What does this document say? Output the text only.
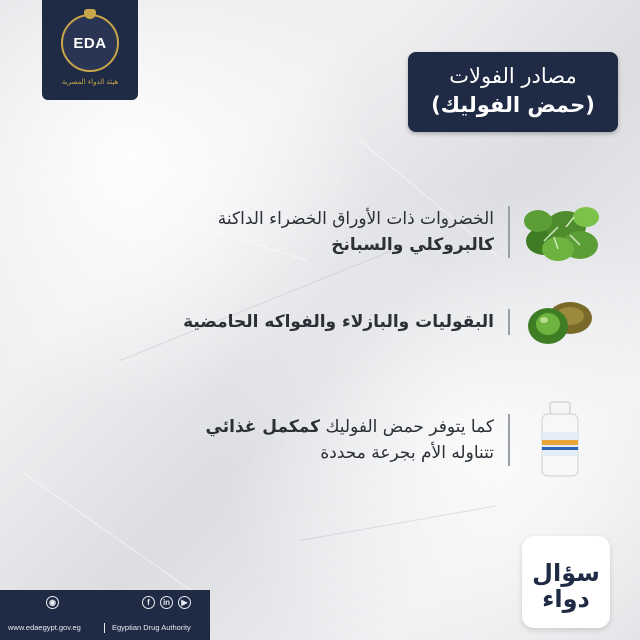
EDA
هيئة الدواء المصرية	مصادر الفولات
(حمض الفوليك)
الخضروات ذات الأوراق الخضراء الداكنة
كالبروكلي والسبانخ
البقوليات والبازلاء والفواكه الحامضية
كما يتوفر حمض الفوليك كمكمل غذائي
تتناوله الأم بجرعة محددة
◉	f	in	▶
www.edaegypt.gov.eg	Egyptian Drug Authority
سؤال دواء
